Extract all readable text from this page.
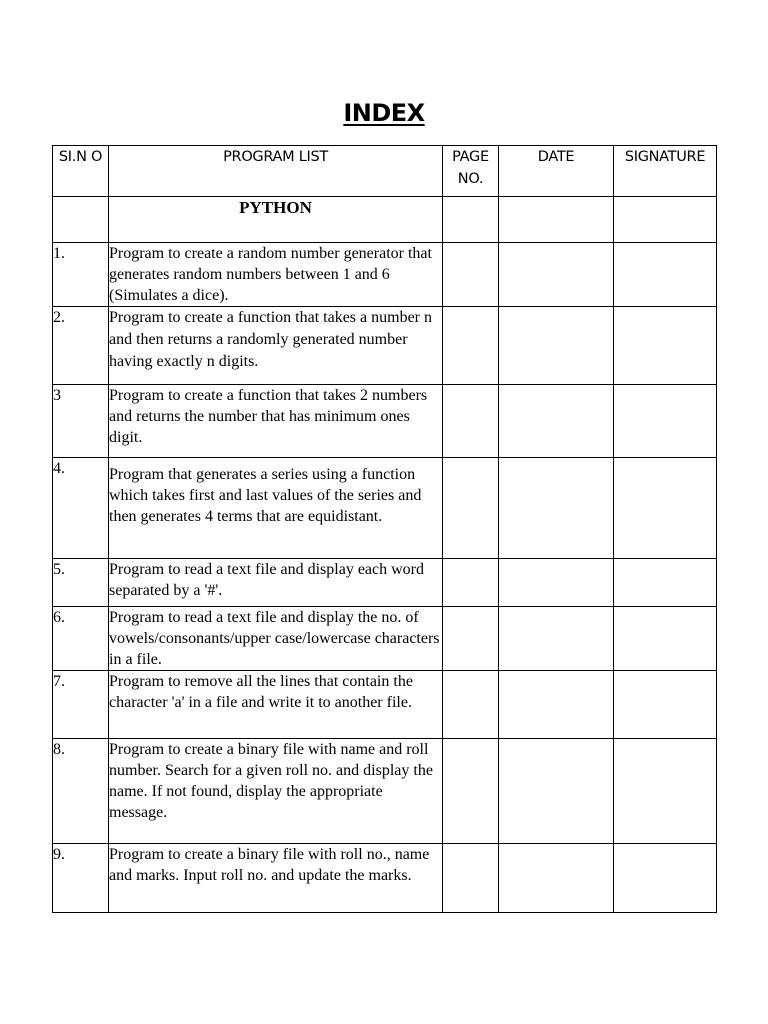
INDEX
SI.N O	PROGRAM LIST	PAGE NO.	DATE	SIGNATURE
	PYTHON			
1.	Program to create a random number generator that generates random numbers between 1 and 6 (Simulates a dice).			
2.	Program to create a function that takes a number n and then returns a randomly generated number having exactly n digits.			
3	Program to create a function that takes 2 numbers and returns the number that has minimum ones digit.			
4.	Program that generates a series using a function which takes first and last values of the series and then generates 4 terms that are equidistant.			
5.	Program to read a text file and display each word separated by a '#'.			
6.	Program to read a text file and display the no. of vowels/consonants/upper case/lowercase characters in a file.			
7.	Program to remove all the lines that contain the character 'a' in a file and write it to another file.			
8.	Program to create a binary file with name and roll number. Search for a given roll no. and display the name. If not found, display the appropriate message.			
9.	Program to create a binary file with roll no., name and marks. Input roll no. and update the marks.			
